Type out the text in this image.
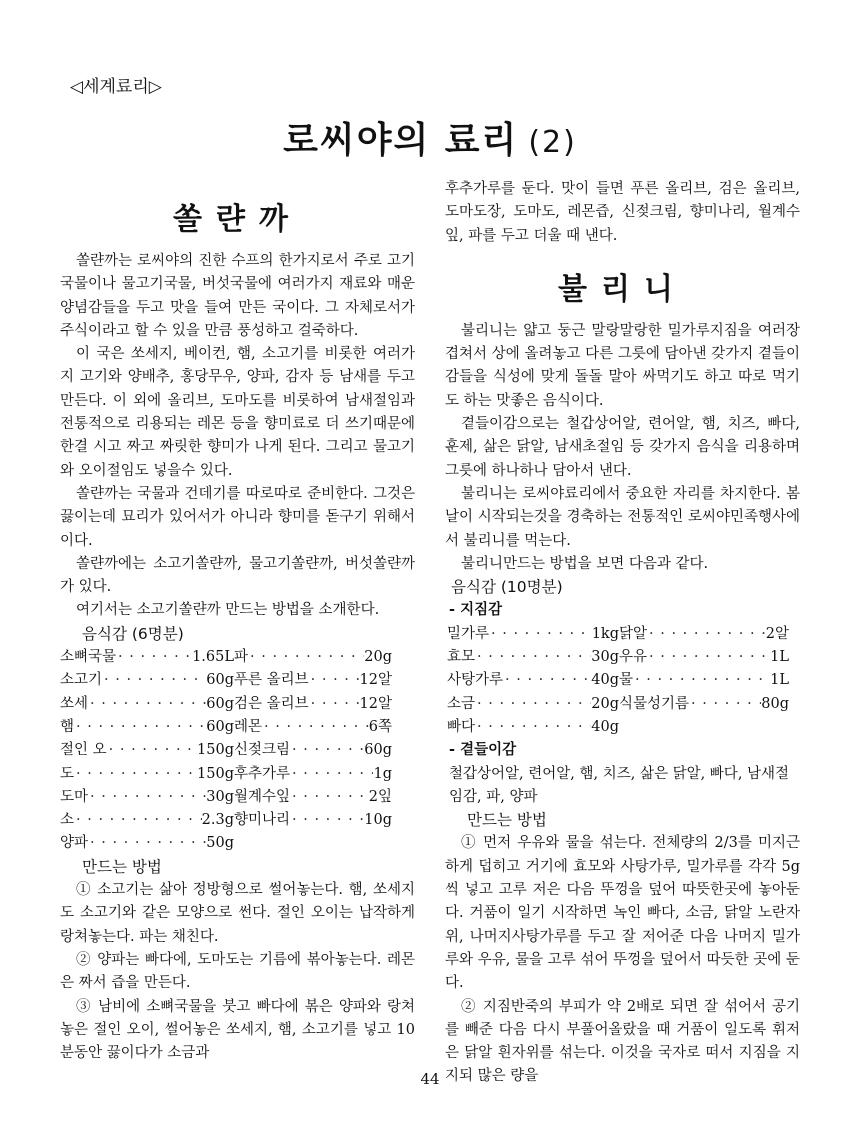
◁세계료리▷
로씨야의 료리 (2)
쏠랸까

쏠랸까는 로씨야의 진한 수프의 한가지로서 주로 고기국물이나 물고기국물, 버섯국물에 여러가지 재료와 매운 양념감들을 두고 맛을 들여 만든 국이다. 그 자체로서가 주식이라고 할 수 있을 만큼 풍성하고 걸죽하다.

이 국은 쏘세지, 베이컨, 햄, 소고기를 비롯한 여러가지 고기와 양배추, 홍당무우, 양파, 감자 등 남새를 두고 만든다. 이 외에 올리브, 도마도를 비롯하여 남새절임과 전통적으로 리용되는 레몬 등을 향미료로 더 쓰기때문에 한결 시고 짜고 짜릿한 향미가 나게 된다. 그리고 물고기와 오이절임도 넣을수 있다.

쏠랸까는 국물과 건데기를 따로따로 준비한다. 그것은 끓이는데 묘리가 있어서가 아니라 향미를 돋구기 위해서이다.

쏠랸까에는 소고기쏠랸까, 물고기쏠랸까, 버섯쏠랸까가 있다.

여기서는 소고기쏠랸까 만드는 방법을 소개한다.

음식감 (6명분)
소뼈국물 · · ·	1.65L 파 · · ·	20g
소고기 · · ·	60g 푸른 올리브 · · ·	12알
쏘세 · · ·	60g 검은 올리브 · · ·	12알
햄 · · ·	60g 레몬 · · ·	6쪽
절인 오 · · ·	150g 신젖크림 · · ·	60g
도 · · ·	150g 후추가루 · · ·	1g
도마 · · ·	30g 월계수잎 · · ·	2잎
소 · · ·	2.3g 향미나리 · · ·	10g
양파 · · ·	50g
만드는 방법

① 소고기는 삶아 정방형으로 썰어놓는다. 햄, 쏘세지도 소고기와 같은 모양으로 썬다. 절인 오이는 납작하게 랑쳐놓는다. 파는 채친다.

② 양파는 빠다에, 도마도는 기름에 볶아놓는다. 레몬은 짜서 즙을 만든다.

③ 남비에 소뼈국물을 붓고 빠다에 볶은 양파와 랑쳐놓은 절인 오이, 썰어놓은 쏘세지, 햄, 소고기를 넣고 10분동안 끓이다가 소금과

후추가루를 둔다. 맛이 들면 푸른 올리브, 검은 올리브, 도마도장, 도마도, 레몬즙, 신젖크림, 향미나리, 월계수잎, 파를 두고 더울 때 낸다.

불리니

불리니는 얇고 둥근 말랑말랑한 밀가루지짐을 여러장 겹쳐서 상에 올려놓고 다른 그릇에 담아낸 갖가지 곁들이감들을 식성에 맞게 돌돌 말아 싸먹기도 하고 따로 먹기도 하는 맛좋은 음식이다.

곁들이감으로는 철갑상어알, 련어알, 햄, 치즈, 빠다, 훈제, 삶은 닭알, 남새초절임 등 갖가지 음식을 리용하며 그릇에 하나하나 담아서 낸다.

불리니는 로씨야료리에서 중요한 자리를 차지한다. 봄날이 시작되는것을 경축하는 전통적인 로씨야민족행사에서 불리니를 먹는다.

불리니만드는 방법을 보면 다음과 같다.

음식감 (10명분)
- 지짐감
밀가루 · · ·	1kg 닭알 · · ·	2알
효모 · · ·	30g 우유 · · ·	1L
사탕가루 · · ·	40g 물 · · ·	1L
소금 · · ·	20g 식물성기름 · · ·	80g
빠다 · · ·	40g
- 곁들이감
철갑상어알, 련어알, 햄, 치즈, 삶은 닭알, 빠다, 남새절임감, 파, 양파
만드는 방법

① 먼저 우유와 물을 섞는다. 전체량의 2/3를 미지근하게 덥히고 거기에 효모와 사탕가루, 밀가루를 각각 5g씩 넣고 고루 저은 다음 뚜껑을 덮어 따뜻한곳에 놓아둔다. 거품이 일기 시작하면 녹인 빠다, 소금, 닭알 노란자위, 나머지사탕가루를 두고 잘 저어준 다음 나머지 밀가루와 우유, 물을 고루 섞어 뚜껑을 덮어서 따듯한 곳에 둔다.

② 지짐반죽의 부피가 약 2배로 되면 잘 섞어서 공기를 빼준 다음 다시 부풀어올랐을 때 거품이 일도록 휘저은 닭알 흰자위를 섞는다. 이것을 국자로 떠서 지짐을 지지되 많은 량을

44
